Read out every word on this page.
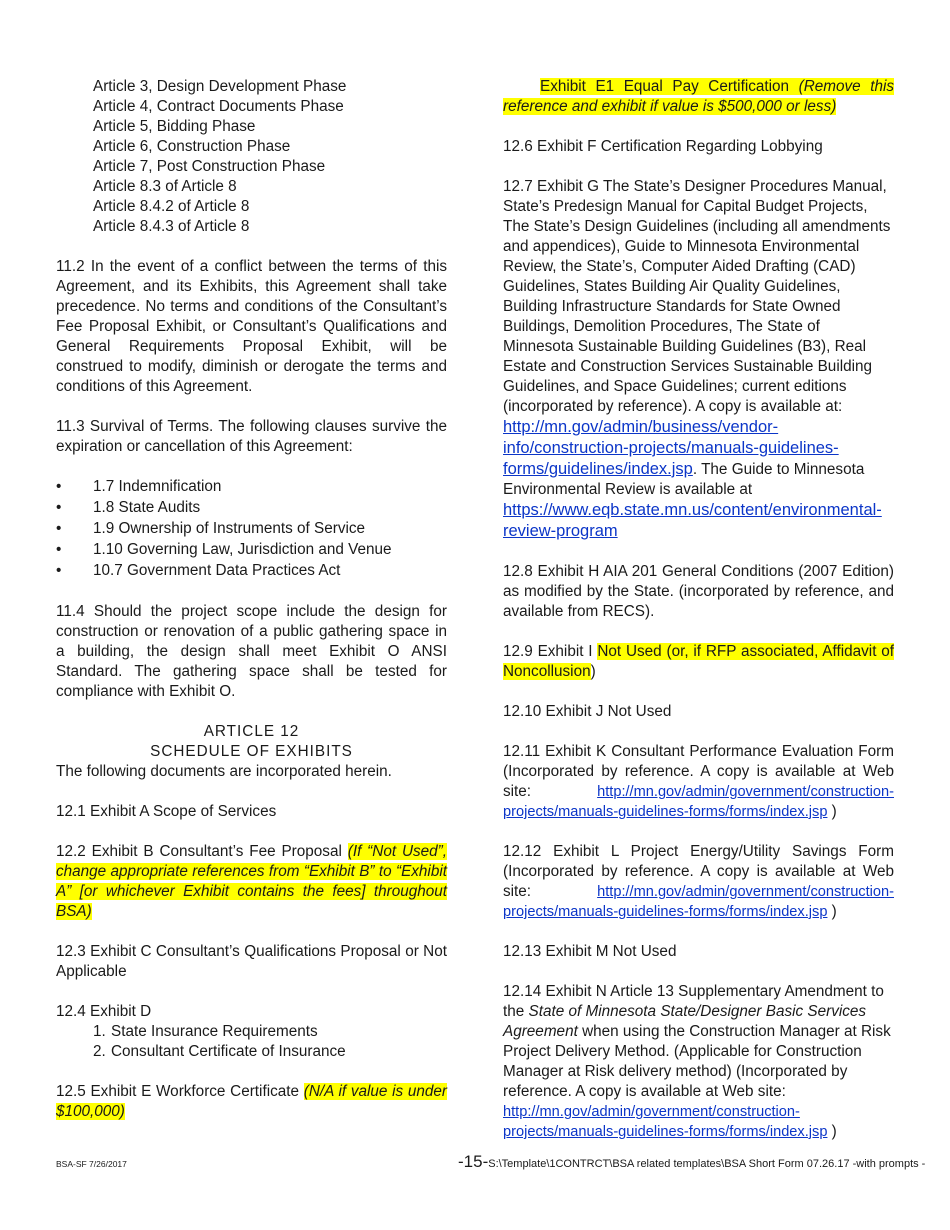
Article 3, Design Development Phase

Article 4, Contract Documents Phase

Article 5, Bidding Phase

Article 6, Construction Phase

Article 7, Post Construction Phase

Article 8.3 of Article 8

Article 8.4.2 of Article 8

Article 8.4.3 of Article 8

11.2 In the event of a conflict between the terms of this Agreement, and its Exhibits, this Agreement shall take precedence. No terms and conditions of the Consultant’s Fee Proposal Exhibit, or Consultant’s Qualifications and General Requirements Proposal Exhibit, will be construed to modify, diminish or derogate the terms and conditions of this Agreement.

11.3 Survival of Terms. The following clauses survive the expiration or cancellation of this Agreement:

• 1.7 Indemnification
• 1.8 State Audits
• 1.9 Ownership of Instruments of Service
• 1.10 Governing Law, Jurisdiction and Venue
• 10.7 Government Data Practices Act

11.4 Should the project scope include the design for construction or renovation of a public gathering space in a building, the design shall meet Exhibit O ANSI Standard. The gathering space shall be tested for compliance with Exhibit O.

ARTICLE 12

SCHEDULE OF EXHIBITS

The following documents are incorporated herein.

12.1 Exhibit A Scope of Services

12.2 Exhibit B Consultant’s Fee Proposal (If “Not Used”, change appropriate references from “Exhibit B” to “Exhibit A” [or whichever Exhibit contains the fees] throughout BSA)

12.3 Exhibit C Consultant’s Qualifications Proposal or Not Applicable

12.4 Exhibit D

1. State Insurance Requirements
2. Consultant Certificate of Insurance

12.5 Exhibit E Workforce Certificate (N/A if value is under $100,000)

Exhibit E1 Equal Pay Certification (Remove this reference and exhibit if value is $500,000 or less)

12.6 Exhibit F Certification Regarding Lobbying

12.7 Exhibit G The State’s Designer Procedures Manual, State’s Predesign Manual for Capital Budget Projects, The State’s Design Guidelines (including all amendments and appendices), Guide to Minnesota Environmental Review, the State’s, Computer Aided Drafting (CAD) Guidelines, States Building Air Quality Guidelines, Building Infrastructure Standards for State Owned Buildings, Demolition Procedures, The State of Minnesota Sustainable Building Guidelines (B3), Real Estate and Construction Services Sustainable Building Guidelines, and Space Guidelines; current editions (incorporated by reference). A copy is available at:
http://mn.gov/admin/business/vendor-info/construction-projects/manuals-guidelines-forms/guidelines/index.jsp. The Guide to Minnesota Environmental Review is available at
https://www.eqb.state.mn.us/content/environmental-review-program

12.8 Exhibit H AIA 201 General Conditions (2007 Edition) as modified by the State. (incorporated by reference, and available from RECS).

12.9 Exhibit I Not Used (or, if RFP associated, Affidavit of Noncollusion)

12.10 Exhibit J Not Used

12.11 Exhibit K Consultant Performance Evaluation Form (Incorporated by reference. A copy is available at Web site: http://mn.gov/admin/government/construction-projects/manuals-guidelines-forms/forms/index.jsp )

12.12 Exhibit L Project Energy/Utility Savings Form (Incorporated by reference. A copy is available at Web site: http://mn.gov/admin/government/construction-projects/manuals-guidelines-forms/forms/index.jsp )

12.13 Exhibit M Not Used

12.14 Exhibit N Article 13 Supplementary Amendment to the State of Minnesota State/Designer Basic Services Agreement when using the Construction Manager at Risk Project Delivery Method. (Applicable for Construction Manager at Risk delivery method) (Incorporated by reference. A copy is available at Web site: http://mn.gov/admin/government/construction-projects/manuals-guidelines-forms/forms/index.jsp )

BSA-SF 7/26/2017	-15-S:\Template\1CONTRCT\BSA related templates\BSA Short Form 07.26.17 -with prompts -
